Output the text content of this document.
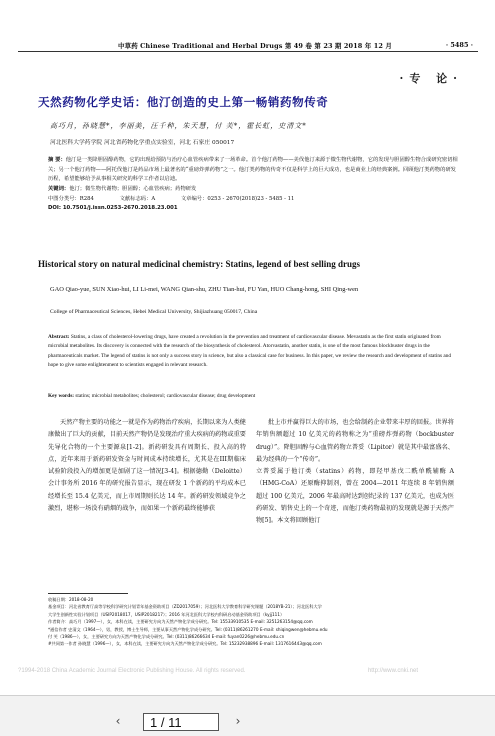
中草药 Chinese Traditional and Herbal Drugs 第 49 卷 第 23 期 2018 年 12 月	· 5485 ·
·专 论·
天然药物化学史话：他汀创造的史上第一畅销药物传奇
高巧月，孙晓慧*，李丽美，汪千种，朱天慧，付 芙*，霍长虹，史清文*
河北医科大学药学院 河北省药物化学重点实验室，河北 石家庄 050017
摘 要：他汀是一类降胆固醇药物，它的出现给预防与治疗心血管疾病带来了一场革命。首个他汀药物——美伐他汀来源于微生物代谢物，它的发现与胆固醇生物合成研究密切相关；另一个他汀药物——阿托伐他汀是药品市场上最著名的“重磅炸弹药物”之一。他汀类药物的传奇不仅是科学上的巨大成功，也是商业上的经典案例。回顾他汀类药物的研发历程，希望能够给予从事相关研究的科学工作者以启迪。
关键词：他汀；微生物代谢物；胆固醇；心血管疾病；药物研发
中图分类号：R284	文献标志码：A	文章编号：0253 - 2670(2018)23 - 5485 - 11
DOI: 10.7501/j.issn.0253-2670.2018.23.001
Historical story on natural medicinal chemistry: Statins, legend of best selling drugs
GAO Qiao-yue, SUN Xiao-hui, LI Li-mei, WANG Qian-shu, ZHU Tian-hui, FU Yan, HUO Chang-hong, SHI Qing-wen
College of Pharmaceutical Sciences, Hebei Medical University, Shijiazhuang 050017, China
Abstract: Statins, a class of cholesterol-lowering drugs, have created a revolution in the prevention and treatment of cardiovascular disease. Mevastatin as the first statin originated from microbial metabolites. Its discovery is connected with the research of the biosynthesis of cholesterol. Atorvastatin, another statin, is one of the most famous blockbuster drugs in the pharmaceuticals market. The legend of statins is not only a success story in science, but also a classical case for business. In this paper, we review the research and development of statins and hope to give some enlightenment to scientists engaged in relevant research.
Key words: statins; microbial metabolites; cholesterol; cardiovascular disease; drug development

天然产物主要的功能之一就是作为药物治疗疾病，长期以来为人类健康做出了巨大的贡献，目前天然产物仍是发现治疗重大疾病的药物或重要先导化合物的一个主要源泉[1-2]。新药研发具有周期长、投入高的特点，近年来用于新药研发资金与时间成本持续增长，尤其是在III期临床试验阶段投入的增加更是加剧了这一情况[3-4]。根据德勤（Deloitte）会计事务所 2016 年的研究报告显示，现在研发 1 个新药的平均成本已经增长至 15.4 亿美元，而上市周期则长达 14 年。新药研发领域竞争之激烈，堪称一场没有硝烟的战争，而如果一个新药最终能够获

批上市并赢得巨大的市场，也会给制药企业带来丰厚的回报。世界将年销售额超过 10 亿美元的药物称之为“重磅炸弹药物（bockbuster drug）”。降胆固醇与心血管药物立普妥（Lipitor）就是其中最富盛名、最为经典的一个“传奇”。
立普妥属于他汀类（statins）药物，即羟甲基戊二酰单酰辅酶 A（HMG-CoA）还原酶抑制剂，曾在 2004—2011 年连续 8 年销售额超过 100 亿美元，2006 年最高时达到创纪录的 137 亿美元，也成为医药研发、销售史上的一个奇迹，而他汀类药物最初的发现就是源于天然产物[5]。本文将回顾他汀

收稿日期：2018-08-20
基金项目：河北省教育厅高等学校科学研究计划青年基金资助项目（ZD2017059）；河北医科大学教育科学研究课题（2018YB-21）；河北医科大学
大学生创新性实验计划项目（USIP2018017，USIP2018217）；2016 年河北医科大学校内科研启动基金资助项目（kyjj111）
作者简介：高巧月（1997—），女，本科在读，主要研究方向为天然产物化学成分研究。Tel: 15533910535 E-mail: 3251263154@qq.com
*通信作者 史清文（1964—），男，教授，博士生导师，主要从事天然产物化学成分研究。Tel: (0311)86261270 E-mail: shiqingwen@hebmu.edu
付 芙（1986—），女，主要研究方向为天然产物化学成分研究。Tel: (0311)86266634 E-mail: fuyan0226@hebmu.edu.cn
#共同第一作者 孙晓慧（1996—），女，本科在读，主要研究方向为天然产物化学成分研究。Tel: 15232938896 E-mail: 1317616443@qq.com
?1994-2018 China Academic Journal Electronic Publishing House. All rights reserved.	http://www.cnki.net
‹	1 / 11	›
